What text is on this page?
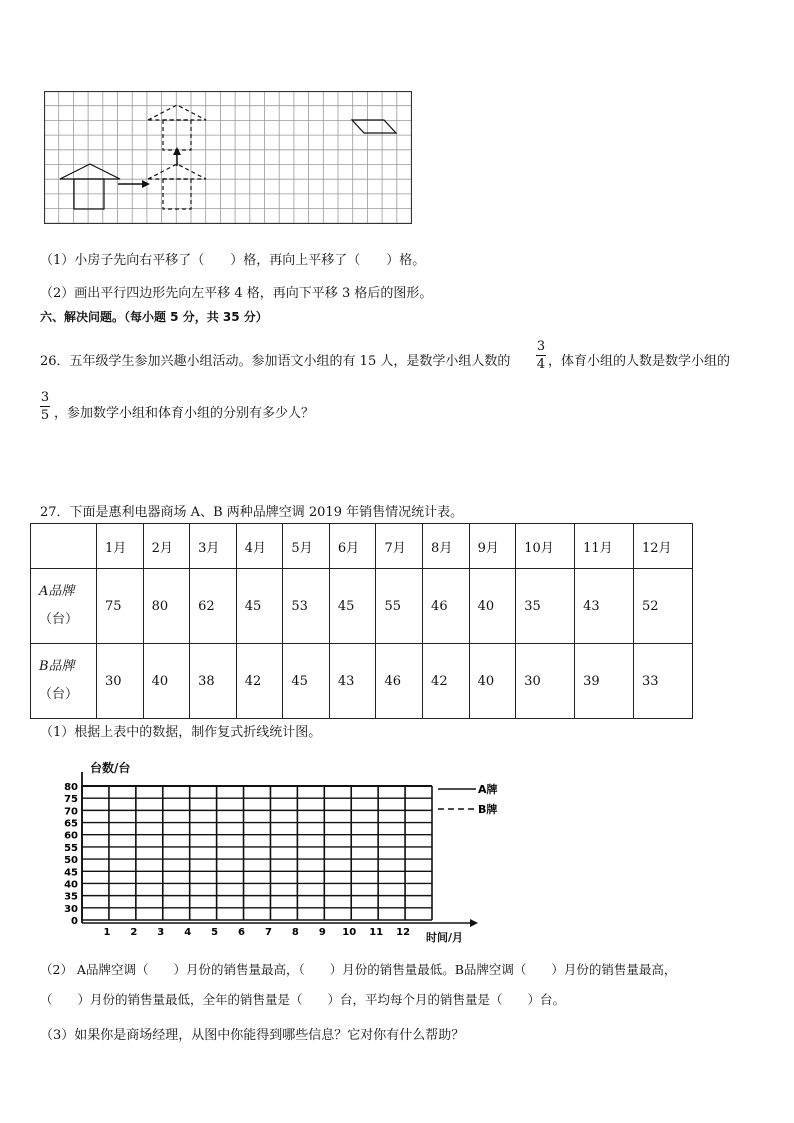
（1）小房子先向右平移了（　　）格，再向上平移了（　　）格。
（2）画出平行四边形先向左平移 4 格，再向下平移 3 格后的图形。
六、解决问题。（每小题 5 分，共 35 分）
26．五年级学生参加兴趣小组活动。参加语文小组的有 15 人，是数学小组人数的
3
4 ，体育小组的人数是数学小组的
3
5 ，参加数学小组和体育小组的分别有多少人？
27．下面是惠利电器商场 A、B 两种品牌空调 2019 年销售情况统计表。
	1月	2月	3月	4月	5月	6月	7月	8月	9月	10月	11月	12月

A品牌
（台）	75	80	62	45	53	45	55	46	40	35	43	52

B品牌
（台）	30	40	38	42	45	43	46	42	40	30	39	33
（1）根据上表中的数据，制作复式折线统计图。
台数/台
时间/月
0
30
35
40
45
50
55
60
65
70
75
80
1 2 3 4 5 6 7 8 9 10 11 12
A牌
B牌
（2） A品牌空调（　　）月份的销售量最高，（　　）月份的销售量最低。B品牌空调（　　）月份的销售量最高，
（　　）月份的销售量最低，全年的销售量是（　　）台，平均每个月的销售量是（　　）台。
（3）如果你是商场经理，从图中你能得到哪些信息？它对你有什么帮助？
